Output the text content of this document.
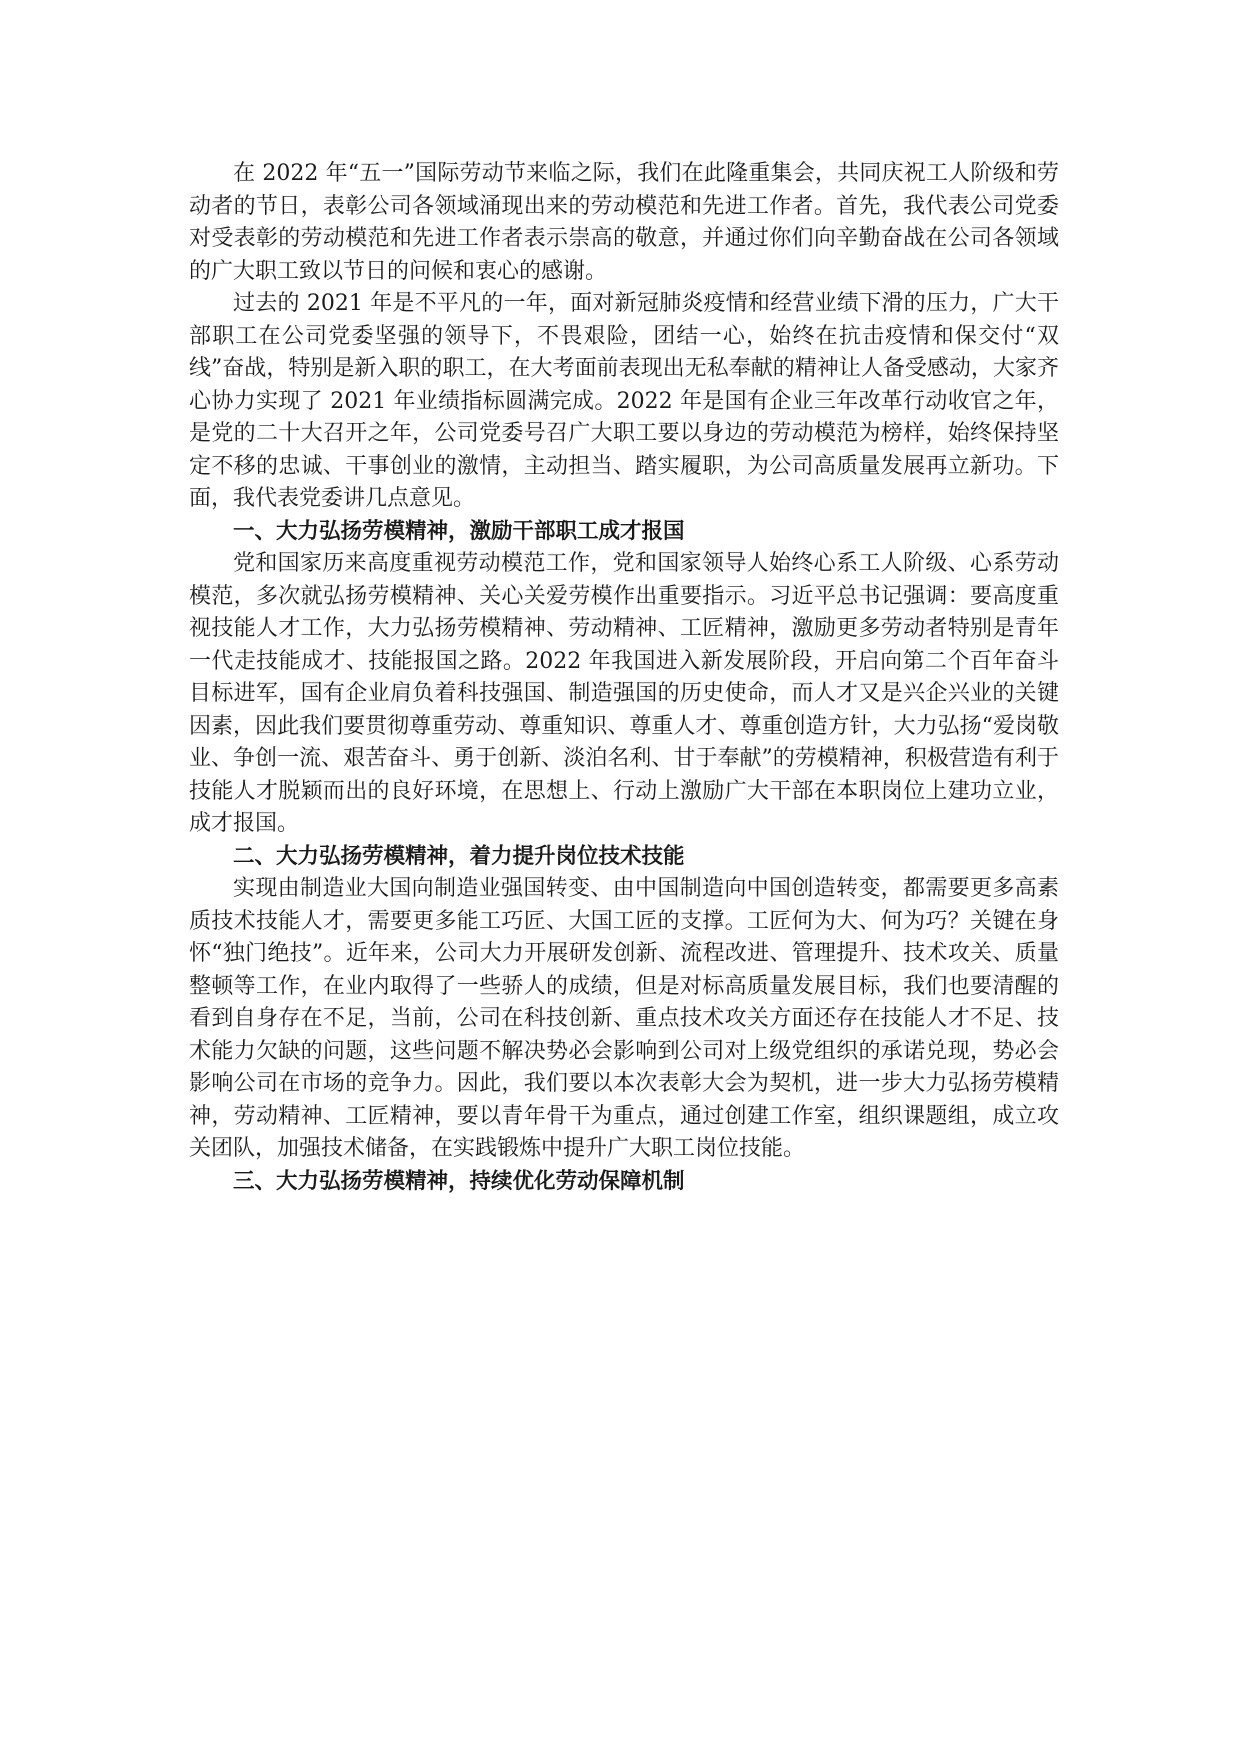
在 2022 年“五一”国际劳动节来临之际，我们在此隆重集会，共同庆祝工人阶级和劳动者的节日，表彰公司各领域涌现出来的劳动模范和先进工作者。首先，我代表公司党委对受表彰的劳动模范和先进工作者表示崇高的敬意，并通过你们向辛勤奋战在公司各领域的广大职工致以节日的问候和衷心的感谢。

过去的 2021 年是不平凡的一年，面对新冠肺炎疫情和经营业绩下滑的压力，广大干部职工在公司党委坚强的领导下，不畏艰险，团结一心，始终在抗击疫情和保交付“双线”奋战，特别是新入职的职工，在大考面前表现出无私奉献的精神让人备受感动，大家齐心协力实现了 2021 年业绩指标圆满完成。2022 年是国有企业三年改革行动收官之年，是党的二十大召开之年，公司党委号召广大职工要以身边的劳动模范为榜样，始终保持坚定不移的忠诚、干事创业的激情，主动担当、踏实履职，为公司高质量发展再立新功。下面，我代表党委讲几点意见。

一、大力弘扬劳模精神，激励干部职工成才报国

党和国家历来高度重视劳动模范工作，党和国家领导人始终心系工人阶级、心系劳动模范，多次就弘扬劳模精神、关心关爱劳模作出重要指示。习近平总书记强调：要高度重视技能人才工作，大力弘扬劳模精神、劳动精神、工匠精神，激励更多劳动者特别是青年一代走技能成才、技能报国之路。2022 年我国进入新发展阶段，开启向第二个百年奋斗目标进军，国有企业肩负着科技强国、制造强国的历史使命，而人才又是兴企兴业的关键因素，因此我们要贯彻尊重劳动、尊重知识、尊重人才、尊重创造方针，大力弘扬“爱岗敬业、争创一流、艰苦奋斗、勇于创新、淡泊名利、甘于奉献”的劳模精神，积极营造有利于技能人才脱颖而出的良好环境，在思想上、行动上激励广大干部在本职岗位上建功立业，成才报国。

二、大力弘扬劳模精神，着力提升岗位技术技能

实现由制造业大国向制造业强国转变、由中国制造向中国创造转变，都需要更多高素质技术技能人才，需要更多能工巧匠、大国工匠的支撑。工匠何为大、何为巧？关键在身怀“独门绝技”。近年来，公司大力开展研发创新、流程改进、管理提升、技术攻关、质量整顿等工作，在业内取得了一些骄人的成绩，但是对标高质量发展目标，我们也要清醒的看到自身存在不足，当前，公司在科技创新、重点技术攻关方面还存在技能人才不足、技术能力欠缺的问题，这些问题不解决势必会影响到公司对上级党组织的承诺兑现，势必会影响公司在市场的竞争力。因此，我们要以本次表彰大会为契机，进一步大力弘扬劳模精神，劳动精神、工匠精神，要以青年骨干为重点，通过创建工作室，组织课题组，成立攻关团队，加强技术储备，在实践锻炼中提升广大职工岗位技能。

三、大力弘扬劳模精神，持续优化劳动保障机制
